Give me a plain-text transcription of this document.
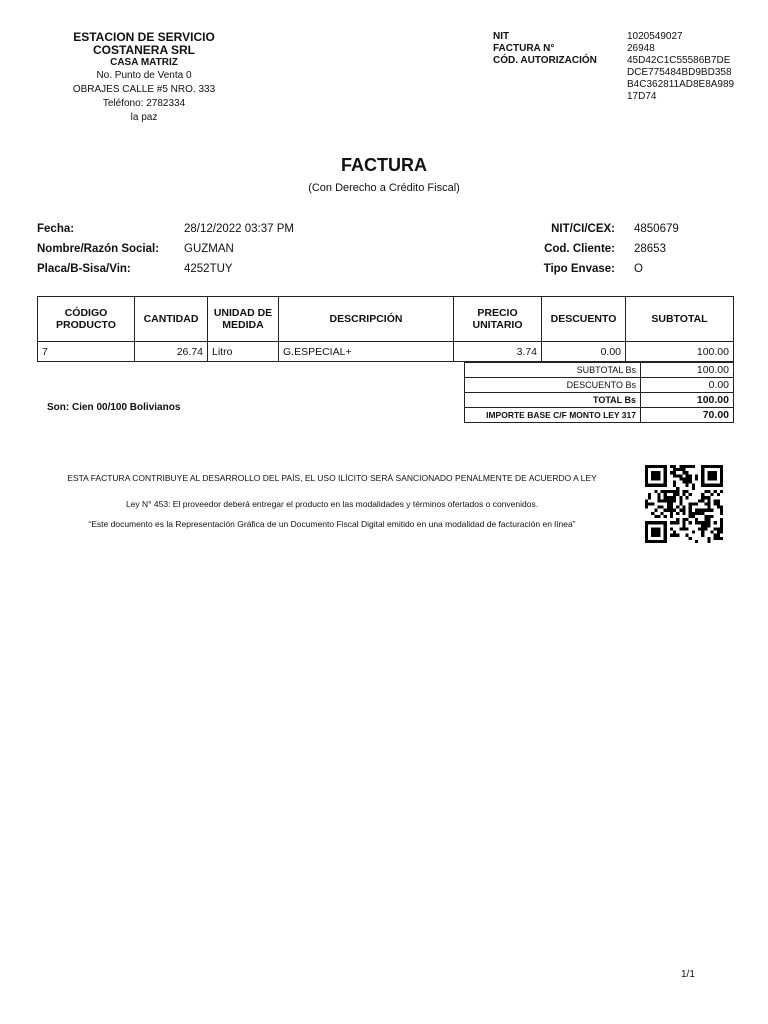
ESTACION DE SERVICIO
COSTANERA SRL
CASA MATRIZ
No. Punto de Venta 0
OBRAJES CALLE #5 NRO. 333
Teléfono: 2782334
la paz
NIT	1020549027
FACTURA N°	26948
CÓD. AUTORIZACIÓN	45D42C1C55586B7DEDCE775484BD9BD358B4C362811AD8E8A98917D74
FACTURA
(Con Derecho a Crédito Fiscal)
Fecha:	28/12/2022 03:37 PM
Nombre/Razón Social: GUZMAN
Placa/B-Sisa/Vin:	4252TUY
NIT/CI/CEX: 4850679
Cod. Cliente: 28653
Tipo Envase: O
CÓDIGO PRODUCTO	CANTIDAD	UNIDAD DE MEDIDA	DESCRIPCIÓN	PRECIO UNITARIO	DESCUENTO	SUBTOTAL
7	26.74	Litro	G.ESPECIAL+	3.74	0.00	100.00
SUBTOTAL Bs	100.00
DESCUENTO Bs	0.00
TOTAL Bs	100.00
IMPORTE BASE C/F MONTO LEY 317	70.00
Son: Cien 00/100 Bolivianos
ESTA FACTURA CONTRIBUYE AL DESARROLLO DEL PAÍS, EL USO ILÍCITO SERÁ SANCIONADO PENALMENTE DE ACUERDO A LEY
Ley N° 453: El proveedor deberá entregar el producto en las modalidades y términos ofertados o convenidos.
“Este documento es la Representación Gráfica de un Documento Fiscal Digital emitido en una modalidad de facturación en línea”
1/1
